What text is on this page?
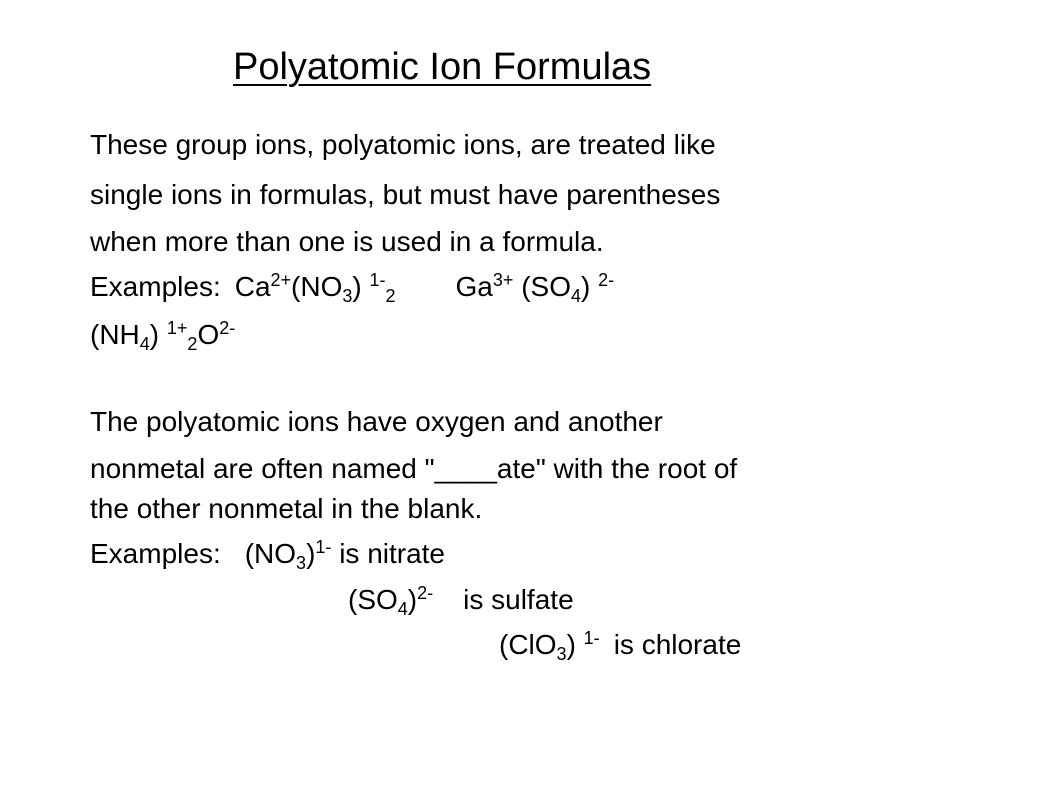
Polyatomic Ion Formulas
These group ions, polyatomic ions, are treated like
single ions in formulas, but must have parentheses
when more than one is used in a formula.
Examples: $Ca^{2+}(NO_3)$ $^{1-}_2$ $Ga^{3+}$ $(SO_4)$ $^{2-}$
$(NH_4)$ $^{1+}_2O^{2-}$
The polyatomic ions have oxygen and another
nonmetal are often named "____ate" with the root of
the other nonmetal in the blank.
Examples: $(NO_3)^{1-}$ is nitrate
$(SO_4)^{2-}$ is sulfate
(ClO$_3$) $^{1-}$ is chlorate
